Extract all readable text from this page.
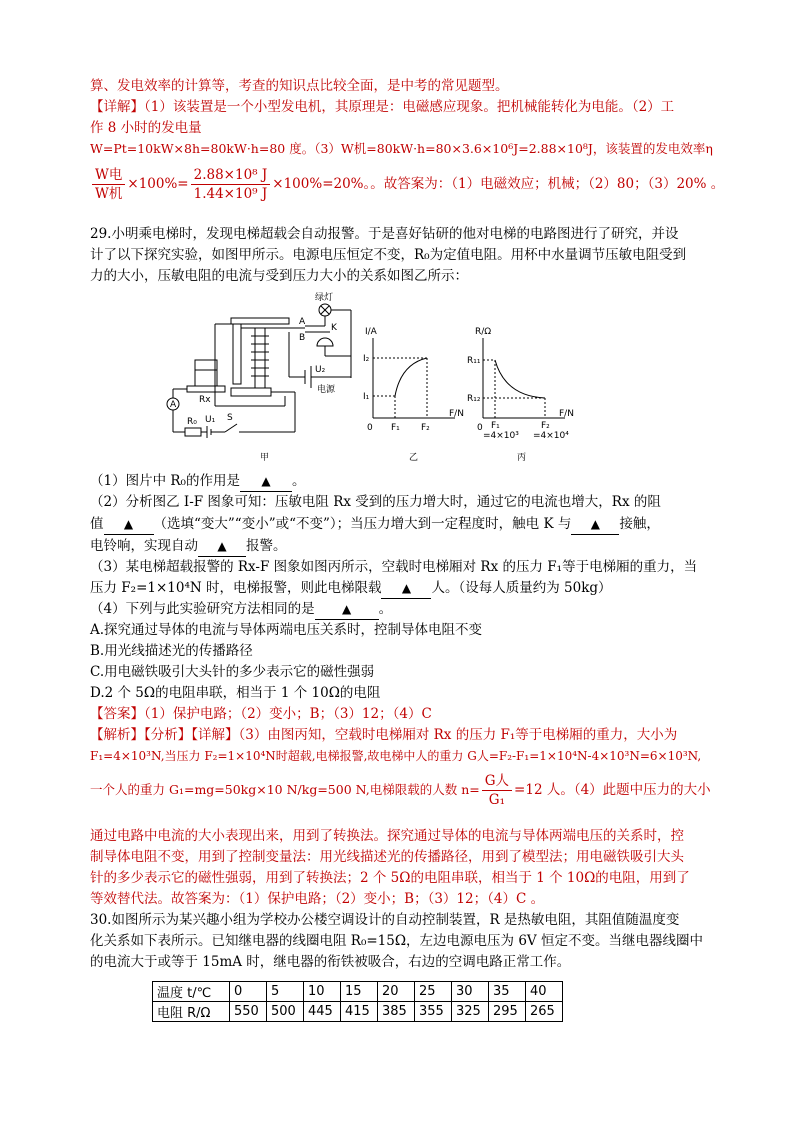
算、发电效率的计算等，考查的知识点比较全面，是中考的常见题型。
【详解】（1）该装置是一个小型发电机，其原理是：电磁感应现象。把机械能转化为电能。（2）工
作 8 小时的发电量
W=Pt=10kW×8h=80kW·h=80 度。（3）W机=80kW·h=80×3.6×10⁶J=2.88×10⁸J，该装置的发电效率η
$\frac{\text{W电}}{\text{W机}} \times 100\%= \frac{\text{2.88×10⁸ J}}{\text{1.44×10⁹ J}} \times 100\%=20\%$。。故答案为：（1）电磁效应；机械；（2）80；（3）20% 。
29.小明乘电梯时，发现电梯超载会自动报警。于是喜好钻研的他对电梯的电路图进行了研究，并设
计了以下探究实验，如图甲所示。电源电压恒定不变，R₀为定值电阻。用杯中水量调节压敏电阻受到
力的大小，压敏电阻的电流与受到压力大小的关系如图乙所示：
绿灯
K
A
B
U₂
电源
Rx
A
R₀ U₁ S
甲	乙	丙
I/A
F/N
I₂
I₁
0 F₁ F₂
R/Ω
F/N
R₁₁
R₁₂
0 F₁	F₂
=4×10³ =4×10⁴
（1）图片中 R₀的作用是 ▲ 。
（2）分析图乙 I-F 图象可知：压敏电阻 Rx 受到的压力增大时，通过它的电流也增大，Rx 的阻
值 ▲ （选填“变大”“变小”或“不变”）；当压力增大到一定程度时，触电 K 与 ▲ 接触，
电铃响，实现自动 ▲ 报警。
（3）某电梯超载报警的 Rx-F 图象如图丙所示，空载时电梯厢对 Rx 的压力 F₁等于电梯厢的重力，当
压力 F₂=1×10⁴N 时，电梯报警，则此电梯限载 ▲ 人。（设每人质量约为 50kg）
（4）下列与此实验研究方法相同的是 ▲ 。
A.探究通过导体的电流与导体两端电压关系时，控制导体电阻不变
B.用光线描述光的传播路径
C.用电磁铁吸引大头针的多少表示它的磁性强弱
D.2 个 5Ω的电阻串联，相当于 1 个 10Ω的电阻
【答案】（1）保护电路；（2）变小；B；（3）12；（4）C
【解析】【分析】【详解】（3）由图丙知，空载时电梯厢对 Rx 的压力 F₁等于电梯厢的重力，大小为
F₁=4×10³N,当压力 F₂=1×10⁴N时超载,电梯报警,故电梯中人的重力 G人=F₂-F₁=1×10⁴N-4×10³N=6×10³N,
一个人的重力 G₁=mg=50kg×10 N/kg=500 N,电梯限载的人数 $n= \frac{\text{G人}}{\text{G₁}} =12$ 人。（4）此题中压力的大小
通过电路中电流的大小表现出来，用到了转换法。探究通过导体的电流与导体两端电压的关系时，控
制导体电阻不变，用到了控制变量法：用光线描述光的传播路径，用到了模型法；用电磁铁吸引大头
针的多少表示它的磁性强弱，用到了转换法；2 个 5Ω的电阻串联，相当于 1 个 10Ω的电阻，用到了
等效替代法。故答案为：（1）保护电路；（2）变小；B；（3）12；（4）C 。
30.如图所示为某兴趣小组为学校办公楼空调设计的自动控制装置，R 是热敏电阻，其阻值随温度变
化关系如下表所示。已知继电器的线圈电阻 R₀=15Ω，左边电源电压为 6V 恒定不变。当继电器线圈中
的电流大于或等于 15mA 时，继电器的衔铁被吸合，右边的空调电路正常工作。
温度 t/℃	0	5	10	15	20	25	30	35	40
电阻 R/Ω	550	500	445	415	385	355	325	295	265
